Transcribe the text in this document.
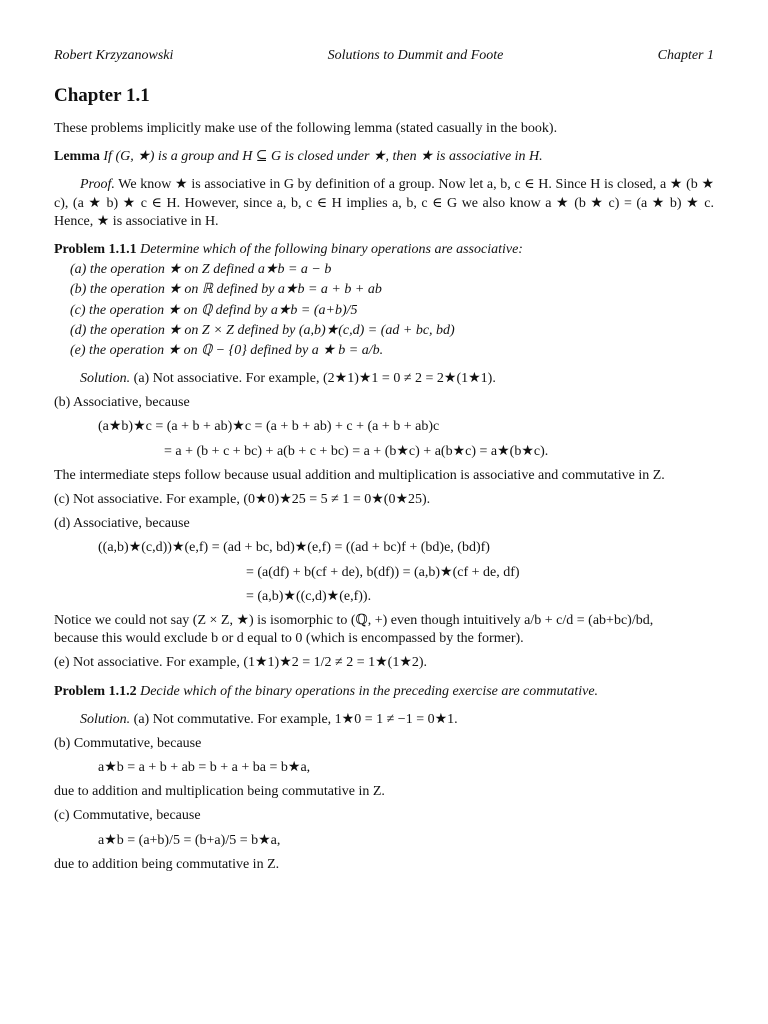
Robert Krzyzanowski	Solutions to Dummit and Foote	Chapter 1
Chapter 1.1

These problems implicitly make use of the following lemma (stated casually in the book).

Lemma If (G, ★) is a group and H ⊆ G is closed under ★, then ★ is associative in H.

Proof. We know ★ is associative in G by definition of a group. Now let a, b, c ∈ H. Since H is closed, a ★ (b ★ c), (a ★ b) ★ c ∈ H. However, since a, b, c ∈ H implies a, b, c ∈ G we also know a ★ (b ★ c) = (a ★ b) ★ c. Hence, ★ is associative in H.

Problem 1.1.1 Determine which of the following binary operations are associative:

(a) the operation ★ on Z defined a★b = a − b
(b) the operation ★ on ℝ defined by a★b = a + b + ab
(c) the operation ★ on ℚ defind by a★b = (a+b)/5
(d) the operation ★ on Z × Z defined by (a,b)★(c,d) = (ad + bc, bd)
(e) the operation ★ on ℚ − {0} defined by a ★ b = a/b.

Solution. (a) Not associative. For example, (2★1)★1 = 0 ≠ 2 = 2★(1★1).

(b) Associative, because

(a★b)★c = (a + b + ab)★c = (a + b + ab) + c + (a + b + ab)c
= a + (b + c + bc) + a(b + c + bc) = a + (b★c) + a(b★c) = a★(b★c).

The intermediate steps follow because usual addition and multiplication is associative and commutative in Z.

(c) Not associative. For example, (0★0)★25 = 5 ≠ 1 = 0★(0★25).

(d) Associative, because

((a,b)★(c,d))★(e,f) = (ad + bc, bd)★(e,f) = ((ad + bc)f + (bd)e, (bd)f)
= (a(df) + b(cf + de), b(df)) = (a,b)★(cf + de, df)
= (a,b)★((c,d)★(e,f)).

Notice we could not say (Z × Z, ★) is isomorphic to (ℚ, +) even though intuitively a/b + c/d = (ab+bc)/bd,

because this would exclude b or d equal to 0 (which is encompassed by the former).

(e) Not associative. For example, (1★1)★2 = 1/2 ≠ 2 = 1★(1★2).

Problem 1.1.2 Decide which of the binary operations in the preceding exercise are commutative.

Solution. (a) Not commutative. For example, 1★0 = 1 ≠ −1 = 0★1.

(b) Commutative, because

a★b = a + b + ab = b + a + ba = b★a,

due to addition and multiplication being commutative in Z.

(c) Commutative, because

a★b = (a+b)/5 = (b+a)/5 = b★a,

due to addition being commutative in Z.
